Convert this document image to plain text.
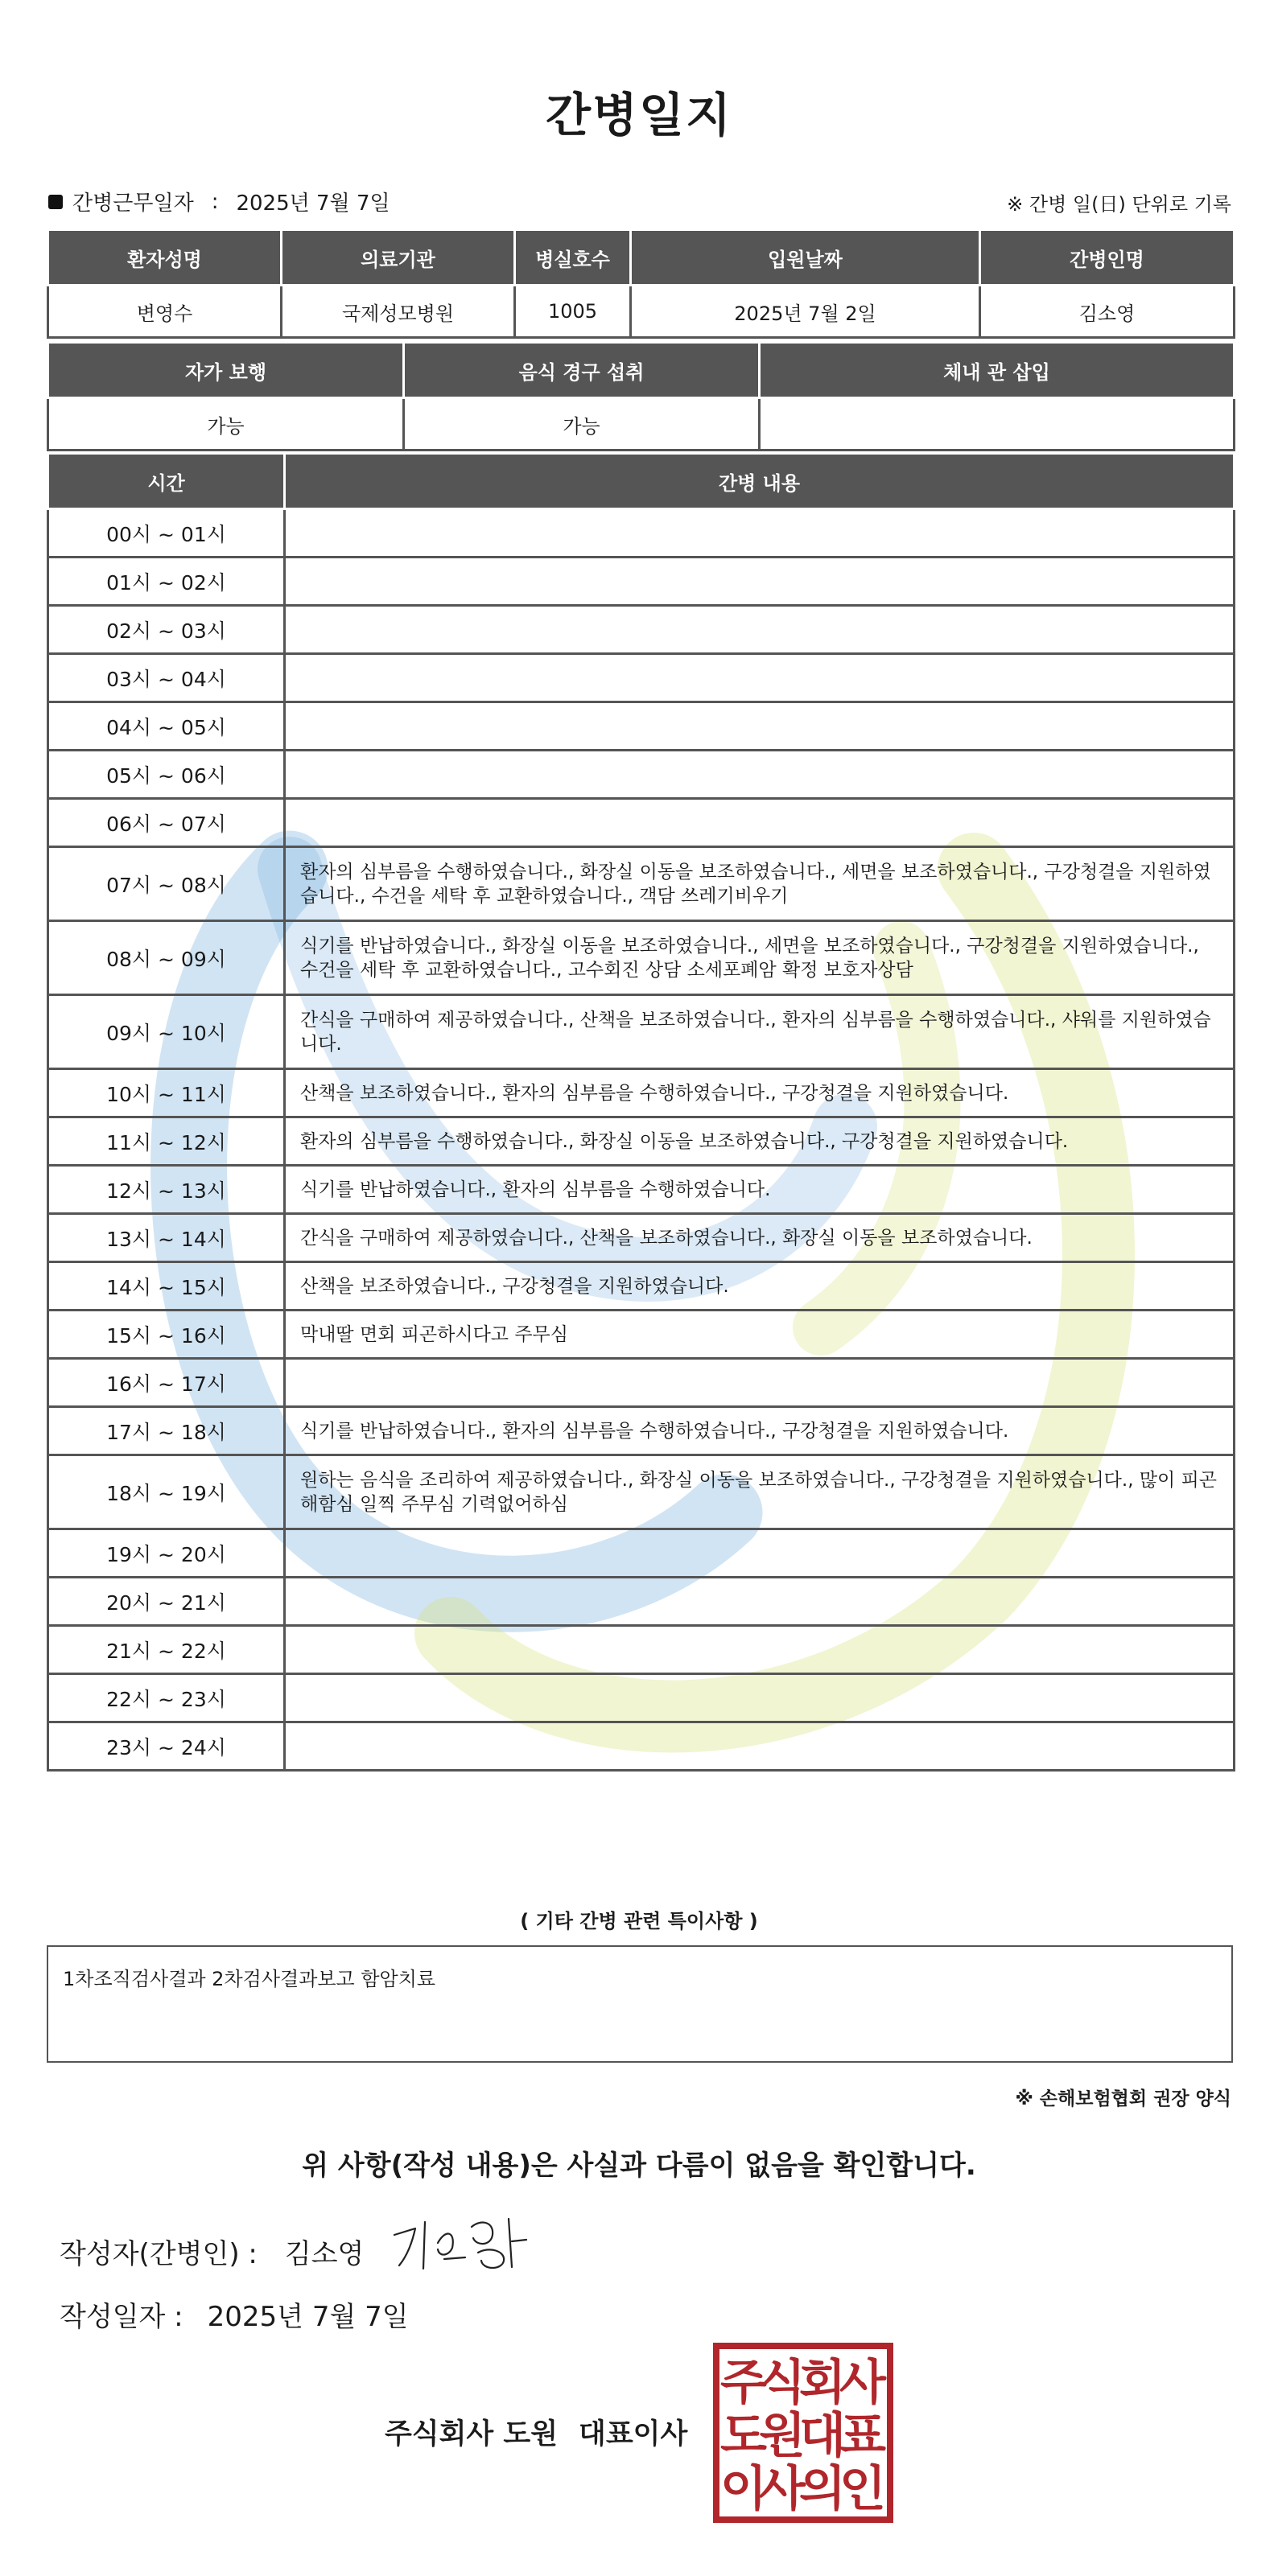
간병일지
간병근무일자 : 2025년 7월 7일	※ 간병 일(日) 단위로 기록
환자성명	의료기관	병실호수	입원날짜	간병인명
변영수	국제성모병원	1005	2025년 7월 2일	김소영
자가 보행	음식 경구 섭취	체내 관 삽입
가능	가능	
시간	간병 내용
00시 ~ 01시	
01시 ~ 02시	
02시 ~ 03시	
03시 ~ 04시	
04시 ~ 05시	
05시 ~ 06시	
06시 ~ 07시	
07시 ~ 08시	환자의 심부름을 수행하였습니다., 화장실 이동을 보조하였습니다., 세면을 보조하였습니다., 구강청결을 지원하였습니다., 수건을 세탁 후 교환하였습니다., 객담 쓰레기비우기
08시 ~ 09시	식기를 반납하였습니다., 화장실 이동을 보조하였습니다., 세면을 보조하였습니다., 구강청결을 지원하였습니다., 수건을 세탁 후 교환하였습니다., 고수회진 상담 소세포폐암 확정 보호자상담
09시 ~ 10시	간식을 구매하여 제공하였습니다., 산책을 보조하였습니다., 환자의 심부름을 수행하였습니다., 샤워를 지원하였습니다.
10시 ~ 11시	산책을 보조하였습니다., 환자의 심부름을 수행하였습니다., 구강청결을 지원하였습니다.
11시 ~ 12시	환자의 심부름을 수행하였습니다., 화장실 이동을 보조하였습니다., 구강청결을 지원하였습니다.
12시 ~ 13시	식기를 반납하였습니다., 환자의 심부름을 수행하였습니다.
13시 ~ 14시	간식을 구매하여 제공하였습니다., 산책을 보조하였습니다., 화장실 이동을 보조하였습니다.
14시 ~ 15시	산책을 보조하였습니다., 구강청결을 지원하였습니다.
15시 ~ 16시	막내딸 면회 피곤하시다고 주무심
16시 ~ 17시	
17시 ~ 18시	식기를 반납하였습니다., 환자의 심부름을 수행하였습니다., 구강청결을 지원하였습니다.
18시 ~ 19시	원하는 음식을 조리하여 제공하였습니다., 화장실 이동을 보조하였습니다., 구강청결을 지원하였습니다., 많이 피곤해함심 일찍 주무심 기력없어하심
19시 ~ 20시	
20시 ~ 21시	
21시 ~ 22시	
22시 ~ 23시	
23시 ~ 24시	
( 기타 간병 관련 특이사항 )
1차조직검사결과 2차검사결과보고 함암치료
※ 손해보험협회 권장 양식
위 사항(작성 내용)은 사실과 다름이 없음을 확인합니다.
작성자(간병인) : 김소영
작성일자 : 2025년 7월 7일
주식회사 도원 대표이사
주
식
회
사
도
원
대
표
이
사
의
인
